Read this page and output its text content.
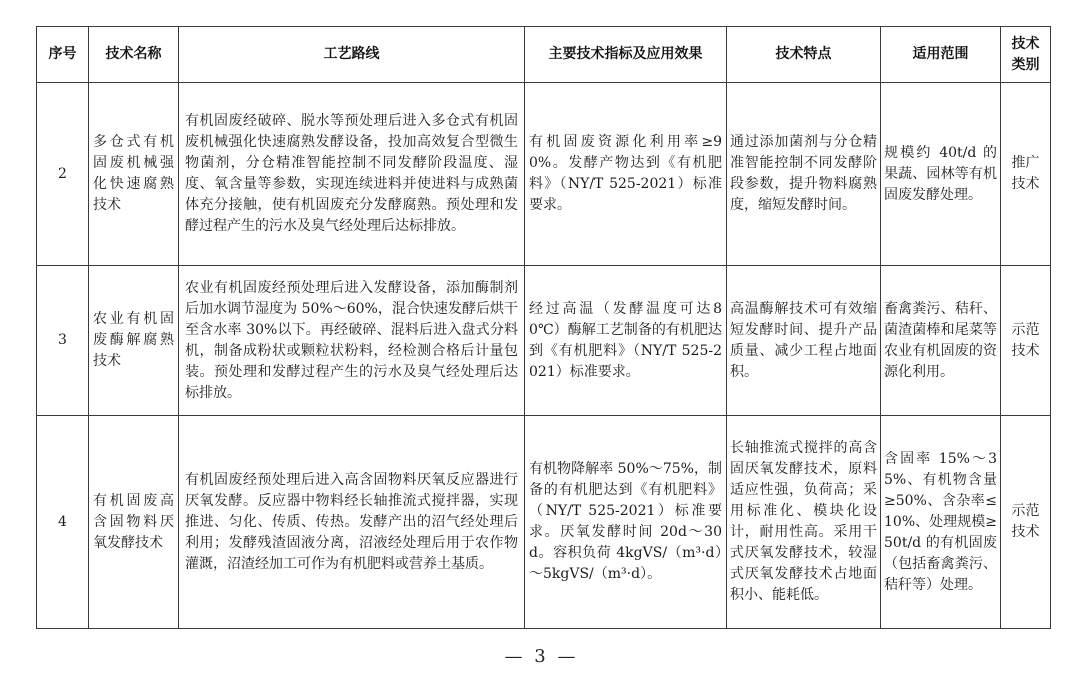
序号	技术名称	工艺路线	主要技术指标及应用效果	技术特点	适用范围	技术类别
2	多仓式有机固废机械强化快速腐熟技术	有机固废经破碎、脱水等预处理后进入多仓式有机固废机械强化快速腐熟发酵设备，投加高效复合型微生物菌剂，分仓精准智能控制不同发酵阶段温度、湿度、氧含量等参数，实现连续进料并使进料与成熟菌体充分接触，使有机固废充分发酵腐熟。预处理和发酵过程产生的污水及臭气经处理后达标排放。	有机固废资源化利用率≥90%。发酵产物达到《有机肥料》（NY/T 525-2021）标准要求。	通过添加菌剂与分仓精准智能控制不同发酵阶段参数，提升物料腐熟度，缩短发酵时间。	规模约 40t/d 的果蔬、园林等有机固废发酵处理。	推广技术
3	农业有机固废酶解腐熟技术	农业有机固废经预处理后进入发酵设备，添加酶制剂后加水调节湿度为 50%～60%，混合快速发酵后烘干至含水率 30%以下。再经破碎、混料后进入盘式分料机，制备成粉状或颗粒状粉料，经检测合格后计量包装。预处理和发酵过程产生的污水及臭气经处理后达标排放。	经过高温（发酵温度可达80℃）酶解工艺制备的有机肥达到《有机肥料》（NY/T 525-2021）标准要求。	高温酶解技术可有效缩短发酵时间、提升产品质量、减少工程占地面积。	畜禽粪污、秸秆、菌渣菌棒和尾菜等农业有机固废的资源化利用。	示范技术
4	有机固废高含固物料厌氧发酵技术	有机固废经预处理后进入高含固物料厌氧反应器进行厌氧发酵。反应器中物料经长轴推流式搅拌器，实现推进、匀化、传质、传热。发酵产出的沼气经处理后利用；发酵残渣固液分离，沼液经处理后用于农作物灌溉，沼渣经加工可作为有机肥料或营养土基质。	有机物降解率 50%～75%，制备的有机肥达到《有机肥料》（NY/T 525-2021）标准要求。厌氧发酵时间 20d～30d。容积负荷 4kgVS/（m³·d）～5kgVS/（m³·d）。	长轴推流式搅拌的高含固厌氧发酵技术，原料适应性强，负荷高；采用标准化、模块化设计，耐用性高。采用干式厌氧发酵技术，较湿式厌氧发酵技术占地面积小、能耗低。	含固率 15%～35%、有机物含量≥50%、含杂率≤10%、处理规模≥50t/d 的有机固废（包括畜禽粪污、秸秆等）处理。	示范技术
— 3 —
